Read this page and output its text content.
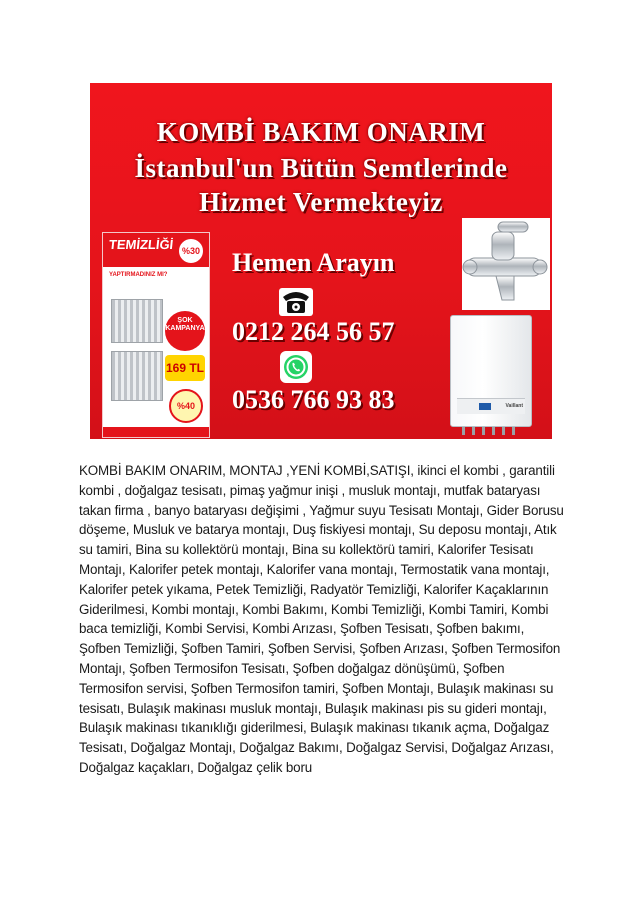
KOMBİ BAKIM ONARIM
İstanbul'un Bütün Semtlerinde
Hizmet Vermekteyiz
TEMİZLİĞİ %30
YAPTIRMADINIZ MI?
ŞOK KAMPANYA
169 TL
%40
Hemen Arayın
0212 264 56 57
0536 766 93 83	Vaillant

KOMBİ BAKIM ONARIM, MONTAJ ,YENİ KOMBİ,SATIŞI, ikinci el kombi , garantili kombi , doğalgaz tesisatı, pimaş yağmur inişi , musluk montajı, mutfak bataryası takan firma , banyo bataryası değişimi , Yağmur suyu Tesisatı Montajı, Gider Borusu döşeme, Musluk ve batarya montajı, Duş fiskiyesi montajı, Su deposu montajı, Atık su tamiri, Bina su kollektörü montajı, Bina su kollektörü tamiri, Kalorifer Tesisatı Montajı, Kalorifer petek montajı, Kalorifer vana montajı, Termostatik vana montajı, Kalorifer petek yıkama, Petek Temizliği, Radyatör Temizliği, Kalorifer Kaçaklarının Giderilmesi, Kombi montajı, Kombi Bakımı, Kombi Temizliği, Kombi Tamiri, Kombi baca temizliği, Kombi Servisi, Kombi Arızası, Şofben Tesisatı, Şofben bakımı, Şofben Temizliği, Şofben Tamiri, Şofben Servisi, Şofben Arızası, Şofben Termosifon Montajı, Şofben Termosifon Tesisatı, Şofben doğalgaz dönüşümü, Şofben Termosifon servisi, Şofben Termosifon tamiri, Şofben Montajı, Bulaşık makinası su tesisatı, Bulaşık makinası musluk montajı, Bulaşık makinası pis su gideri montajı, Bulaşık makinası tıkanıklığı giderilmesi, Bulaşık makinası tıkanık açma, Doğalgaz Tesisatı, Doğalgaz Montajı, Doğalgaz Bakımı, Doğalgaz Servisi, Doğalgaz Arızası, Doğalgaz kaçakları, Doğalgaz çelik boru
